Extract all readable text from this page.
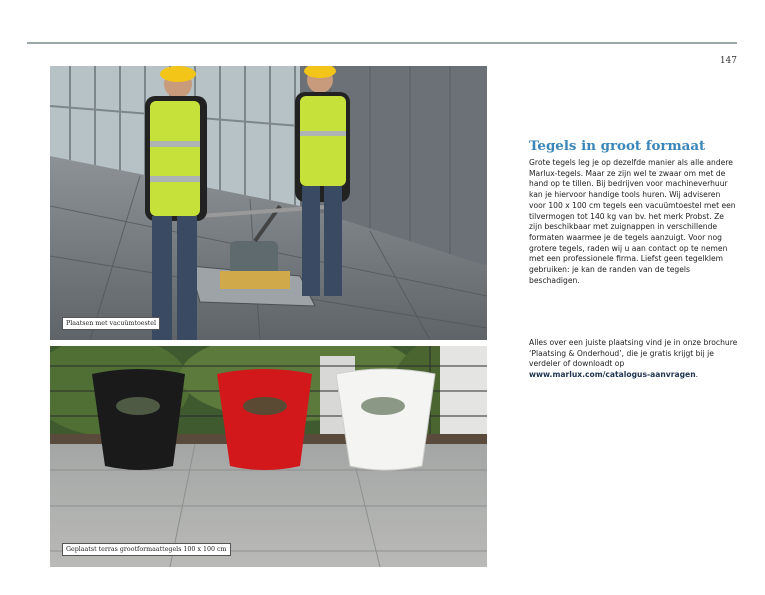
147
Plaatsen met vacuümtoestel
Geplaatst terras grootformaattegels 100 x 100 cm
Tegels in groot formaat
Grote tegels leg je op dezelfde manier als alle andere Marlux-tegels. Maar ze zijn wel te zwaar om met de hand op te tillen. Bij bedrijven voor machineverhuur kan je hiervoor handige tools huren. Wij adviseren voor 100 x 100 cm tegels een vacuümtoestel met een tilvermogen tot 140 kg van bv. het merk Probst. Ze zijn beschikbaar met zuignappen in verschillende formaten waarmee je de tegels aanzuigt. Voor nog grotere tegels, raden wij u aan contact op te nemen met een professionele firma. Liefst geen tegelklem gebruiken: je kan de randen van de tegels beschadigen.
Alles over een juiste plaatsing vind je in onze brochure ‘Plaatsing & Onderhoud’, die je gratis krijgt bij je verdeler of downloadt op www.marlux.com/catalogus-aanvragen.
